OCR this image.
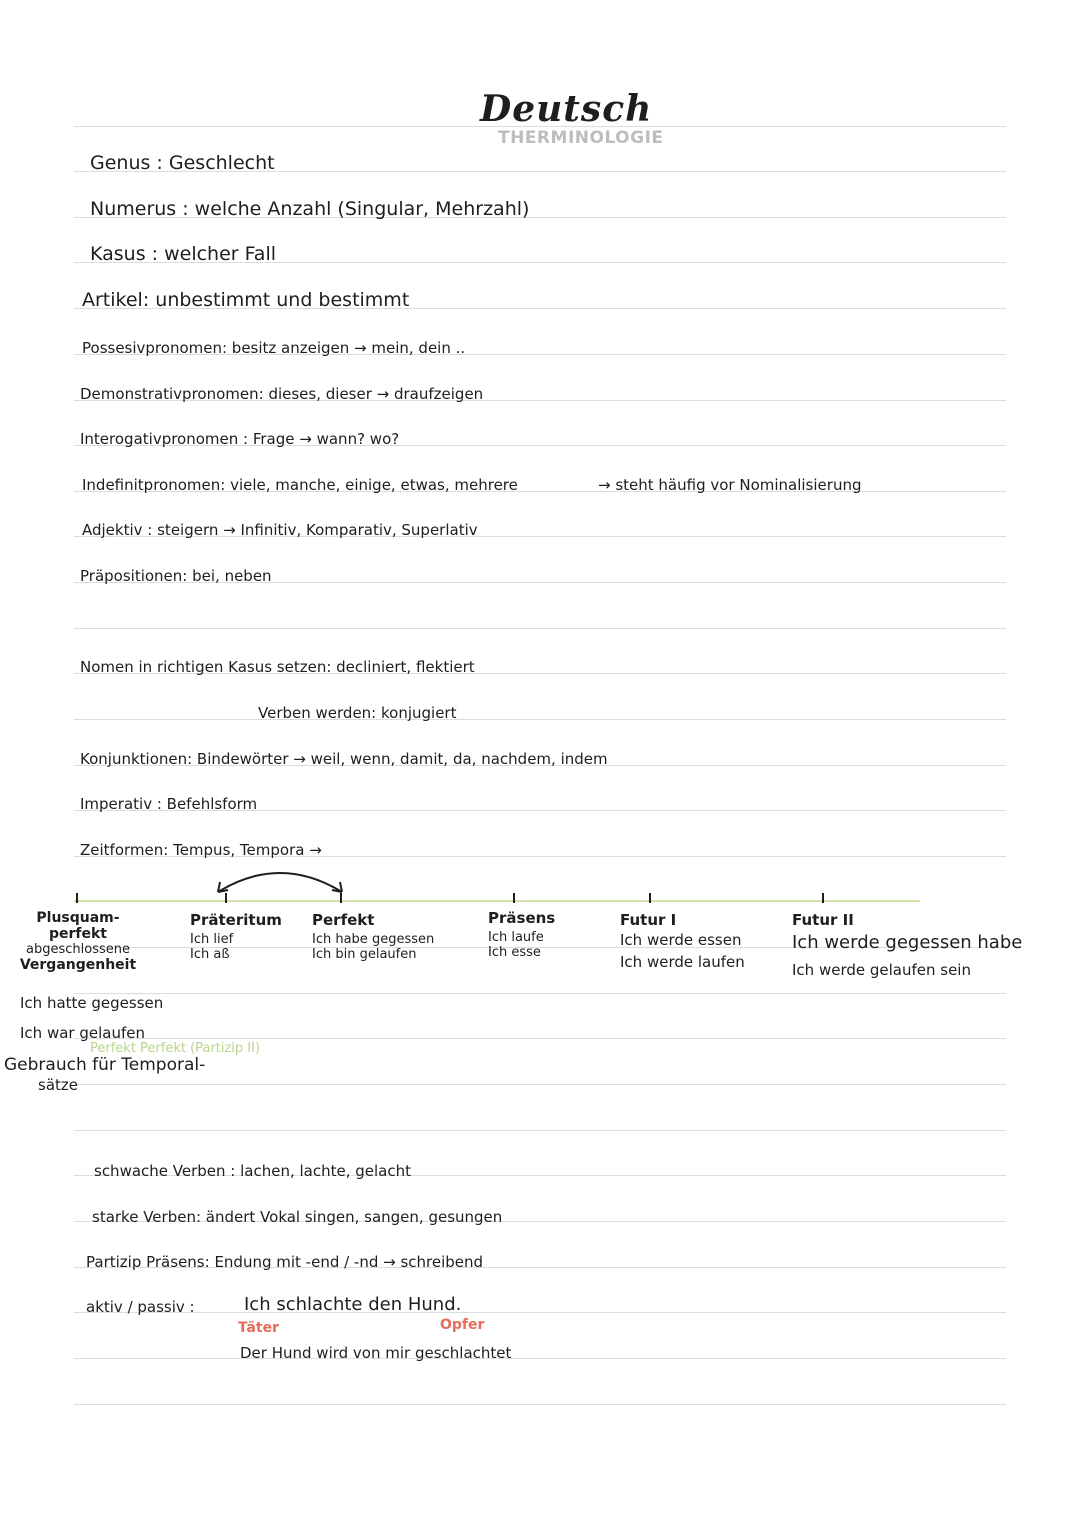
Deutsch
THERMINOLOGIE
Genus : Geschlecht
Numerus : welche Anzahl (Singular, Mehrzahl)
Kasus : welcher Fall
Artikel: unbestimmt und bestimmt
Possesivpronomen: besitz anzeigen → mein, dein ..
Demonstrativpronomen: dieses, dieser → draufzeigen
Interogativpronomen : Frage → wann? wo?
Indefinitpronomen: viele, manche, einige, etwas, mehrere	→ steht häufig vor Nominalisierung
Adjektiv : steigern → Infinitiv, Komparativ, Superlativ
Präpositionen: bei, neben
Nomen in richtigen Kasus setzen: decliniert, flektiert
Verben werden: konjugiert
Konjunktionen: Bindewörter → weil, wenn, damit, da, nachdem, indem
Imperativ : Befehlsform
Zeitformen: Tempus, Tempora →
Plusquam-
perfekt
abgeschlossene
Vergangenheit
Ich hatte gegessen
Ich war gelaufen
Perfekt Perfekt (Partizip II)
Gebrauch für Temporal-
sätze
Präteritum
Ich lief
Ich aß
Perfekt
Ich habe gegessen
Ich bin gelaufen
Präsens
Ich laufe
Ich esse
Futur I
Ich werde essen
Ich werde laufen
Futur II
Ich werde gegessen habe
Ich werde gelaufen sein
schwache Verben : lachen, lachte, gelacht
starke Verben: ändert Vokal singen, sangen, gesungen
Partizip Präsens: Endung mit -end / -nd → schreibend
aktiv / passiv :	Ich schlachte den Hund.
Täter	Opfer
Der Hund wird von mir geschlachtet
